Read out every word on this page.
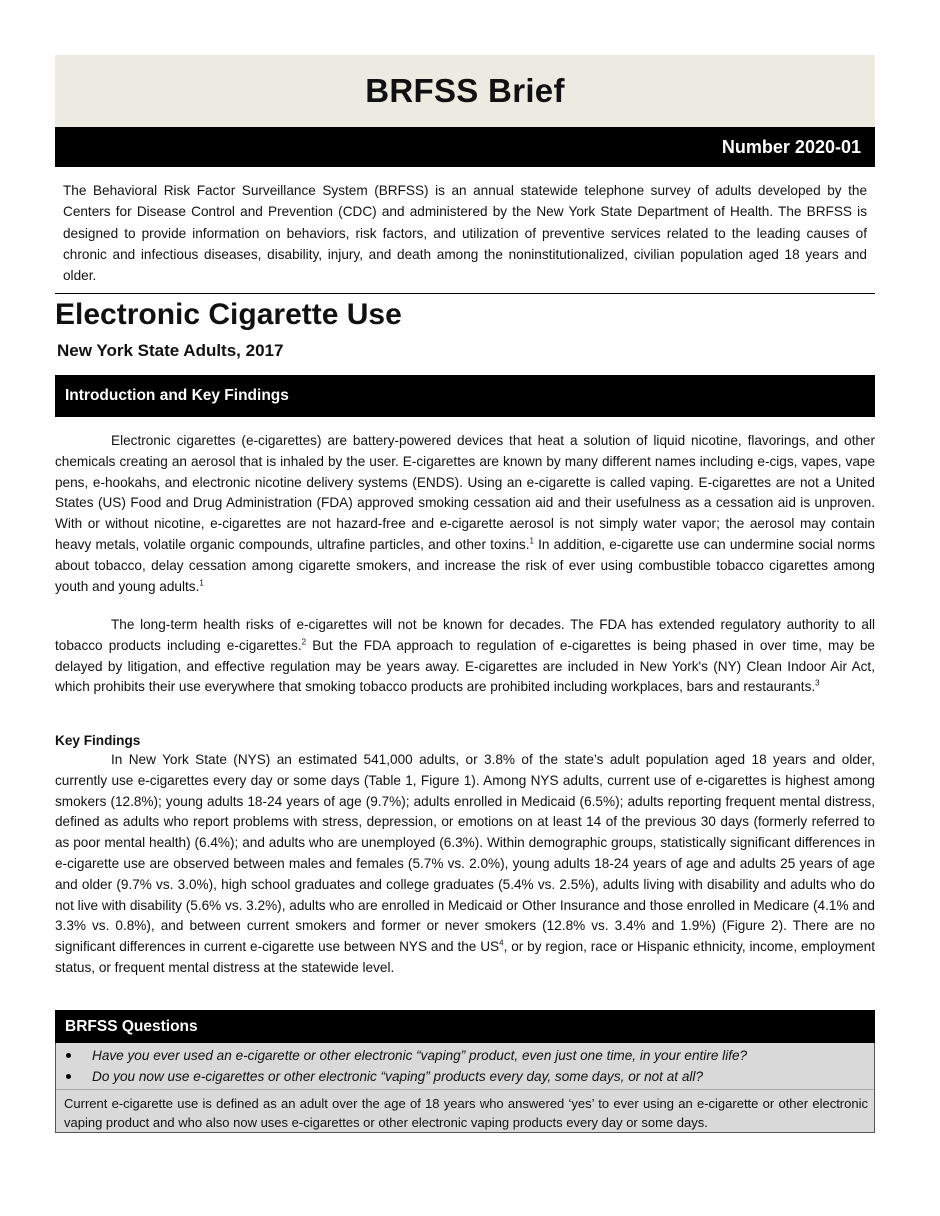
BRFSS Brief
Number 2020-01

The Behavioral Risk Factor Surveillance System (BRFSS) is an annual statewide telephone survey of adults developed by the Centers for Disease Control and Prevention (CDC) and administered by the New York State Department of Health. The BRFSS is designed to provide information on behaviors, risk factors, and utilization of preventive services related to the leading causes of chronic and infectious diseases, disability, injury, and death among the noninstitutionalized, civilian population aged 18 years and older.

Electronic Cigarette Use
New York State Adults, 2017
Introduction and Key Findings

Electronic cigarettes (e-cigarettes) are battery-powered devices that heat a solution of liquid nicotine, flavorings, and other chemicals creating an aerosol that is inhaled by the user. E-cigarettes are known by many different names including e-cigs, vapes, vape pens, e-hookahs, and electronic nicotine delivery systems (ENDS). Using an e-cigarette is called vaping. E-cigarettes are not a United States (US) Food and Drug Administration (FDA) approved smoking cessation aid and their usefulness as a cessation aid is unproven. With or without nicotine, e-cigarettes are not hazard-free and e-cigarette aerosol is not simply water vapor; the aerosol may contain heavy metals, volatile organic compounds, ultrafine particles, and other toxins.$^1$ In addition, e-cigarette use can undermine social norms about tobacco, delay cessation among cigarette smokers, and increase the risk of ever using combustible tobacco cigarettes among youth and young adults.$^1$

The long-term health risks of e-cigarettes will not be known for decades. The FDA has extended regulatory authority to all tobacco products including e-cigarettes.$^2$ But the FDA approach to regulation of e-cigarettes is being phased in over time, may be delayed by litigation, and effective regulation may be years away. E-cigarettes are included in New York's (NY) Clean Indoor Air Act, which prohibits their use everywhere that smoking tobacco products are prohibited including workplaces, bars and restaurants.$^3$

Key Findings

In New York State (NYS) an estimated 541,000 adults, or 3.8% of the state’s adult population aged 18 years and older, currently use e-cigarettes every day or some days (Table 1, Figure 1). Among NYS adults, current use of e-cigarettes is highest among smokers (12.8%); young adults 18-24 years of age (9.7%); adults enrolled in Medicaid (6.5%); adults reporting frequent mental distress, defined as adults who report problems with stress, depression, or emotions on at least 14 of the previous 30 days (formerly referred to as poor mental health) (6.4%); and adults who are unemployed (6.3%). Within demographic groups, statistically significant differences in e-cigarette use are observed between males and females (5.7% vs. 2.0%), young adults 18-24 years of age and adults 25 years of age and older (9.7% vs. 3.0%), high school graduates and college graduates (5.4% vs. 2.5%), adults living with disability and adults who do not live with disability (5.6% vs. 3.2%), adults who are enrolled in Medicaid or Other Insurance and those enrolled in Medicare (4.1% and 3.3% vs. 0.8%), and between current smokers and former or never smokers (12.8% vs. 3.4% and 1.9%) (Figure 2). There are no significant differences in current e-cigarette use between NYS and the $US^4$, or by region, race or Hispanic ethnicity, income, employment status, or frequent mental distress at the statewide level.

BRFSS Questions
Have you ever used an e-cigarette or other electronic “vaping” product, even just one time, in your entire life?
Do you now use e-cigarettes or other electronic “vaping” products every day, some days, or not at all?

Current e-cigarette use is defined as an adult over the age of 18 years who answered ‘yes’ to ever using an e-cigarette or other electronic vaping product and who also now uses e-cigarettes or other electronic vaping products every day or some days.
